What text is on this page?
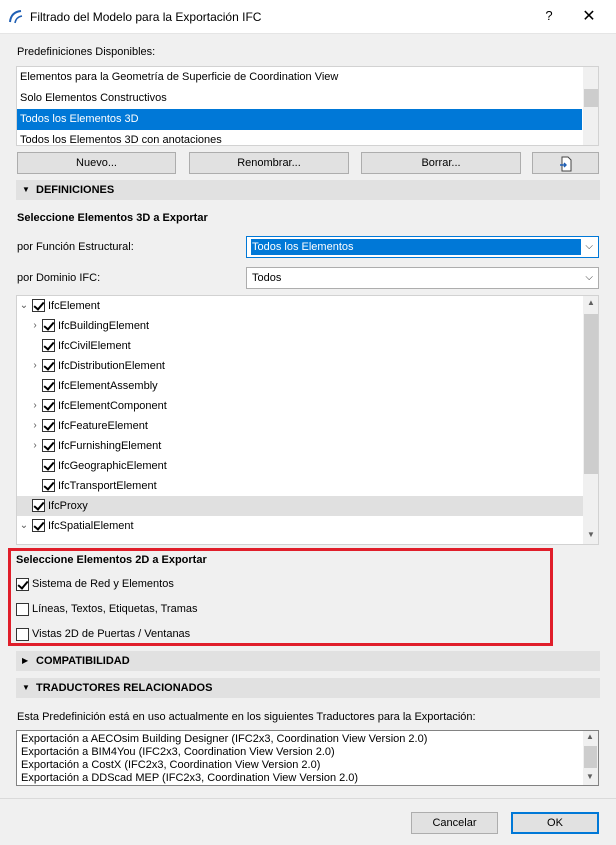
Filtrado del Modelo para la Exportación IFC	?	✕
Predefiniciones Disponibles:
Elementos para la Geometría de Superficie de Coordination View
Solo Elementos Constructivos
Todos los Elementos 3D
Todos los Elementos 3D con anotaciones
Nuevo...	Renombrar...	Borrar...
▼ DEFINICIONES
Seleccione Elementos 3D a Exportar
por Función Estructural:	Todos los Elementos	⌵
por Dominio IFC:	Todos	⌵
⌄ IfcElement
›	IfcBuildingElement
IfcCivilElement
›	IfcDistributionElement
IfcElementAssembly
›	IfcElementComponent
›	IfcFeatureElement
›	IfcFurnishingElement
IfcGeographicElement
IfcTransportElement
IfcProxy
⌄ IfcSpatialElement
▲
▼
Seleccione Elementos 2D a Exportar
Sistema de Red y Elementos
Líneas, Textos, Etiquetas, Tramas
Vistas 2D de Puertas / Ventanas
▶ COMPATIBILIDAD
▼ TRADUCTORES RELACIONADOS
Esta Predefinición está en uso actualmente en los siguientes Traductores para la Exportación:
Exportación a AECOsim Building Designer (IFC2x3, Coordination View Version 2.0)
Exportación a BIM4You (IFC2x3, Coordination View Version 2.0)
Exportación a CostX (IFC2x3, Coordination View Version 2.0)
Exportación a DDScad MEP (IFC2x3, Coordination View Version 2.0)
▲
▼
Cancelar	OK
